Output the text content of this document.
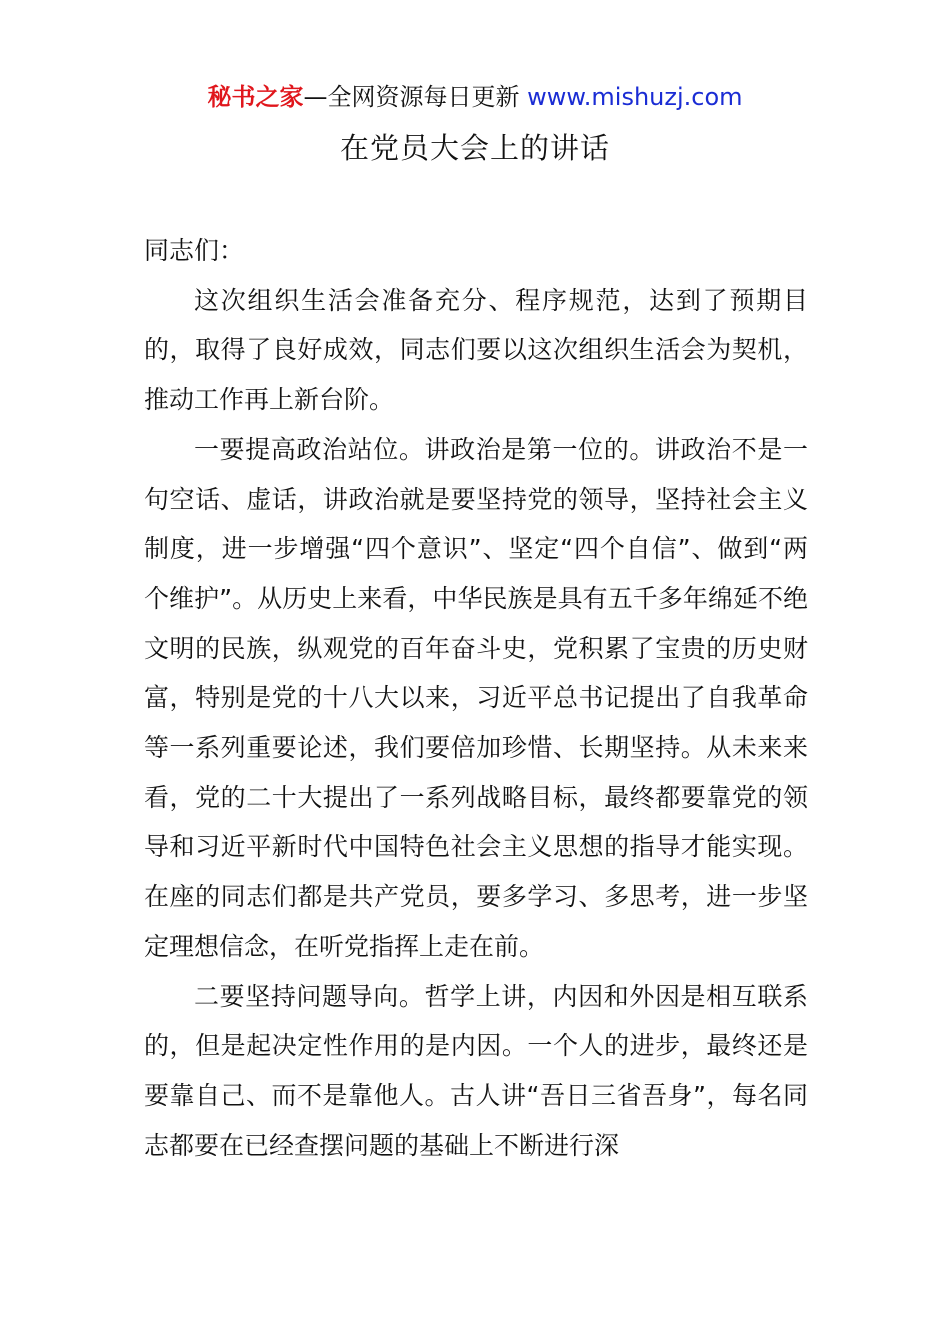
秘书之家—全网资源每日更新 www.mishuzj.com
在党员大会上的讲话

同志们：

这次组织生活会准备充分、程序规范，达到了预期目的，取得了良好成效，同志们要以这次组织生活会为契机，推动工作再上新台阶。

一要提高政治站位。讲政治是第一位的。讲政治不是一句空话、虚话，讲政治就是要坚持党的领导，坚持社会主义制度，进一步增强“四个意识”、坚定“四个自信”、做到“两个维护”。从历史上来看，中华民族是具有五千多年绵延不绝文明的民族，纵观党的百年奋斗史，党积累了宝贵的历史财富，特别是党的十八大以来，习近平总书记提出了自我革命等一系列重要论述，我们要倍加珍惜、长期坚持。从未来来看，党的二十大提出了一系列战略目标，最终都要靠党的领导和习近平新时代中国特色社会主义思想的指导才能实现。在座的同志们都是共产党员，要多学习、多思考，进一步坚定理想信念，在听党指挥上走在前。

二要坚持问题导向。哲学上讲，内因和外因是相互联系的，但是起决定性作用的是内因。一个人的进步，最终还是要靠自己、而不是靠他人。古人讲“吾日三省吾身”，每名同志都要在已经查摆问题的基础上不断进行深
